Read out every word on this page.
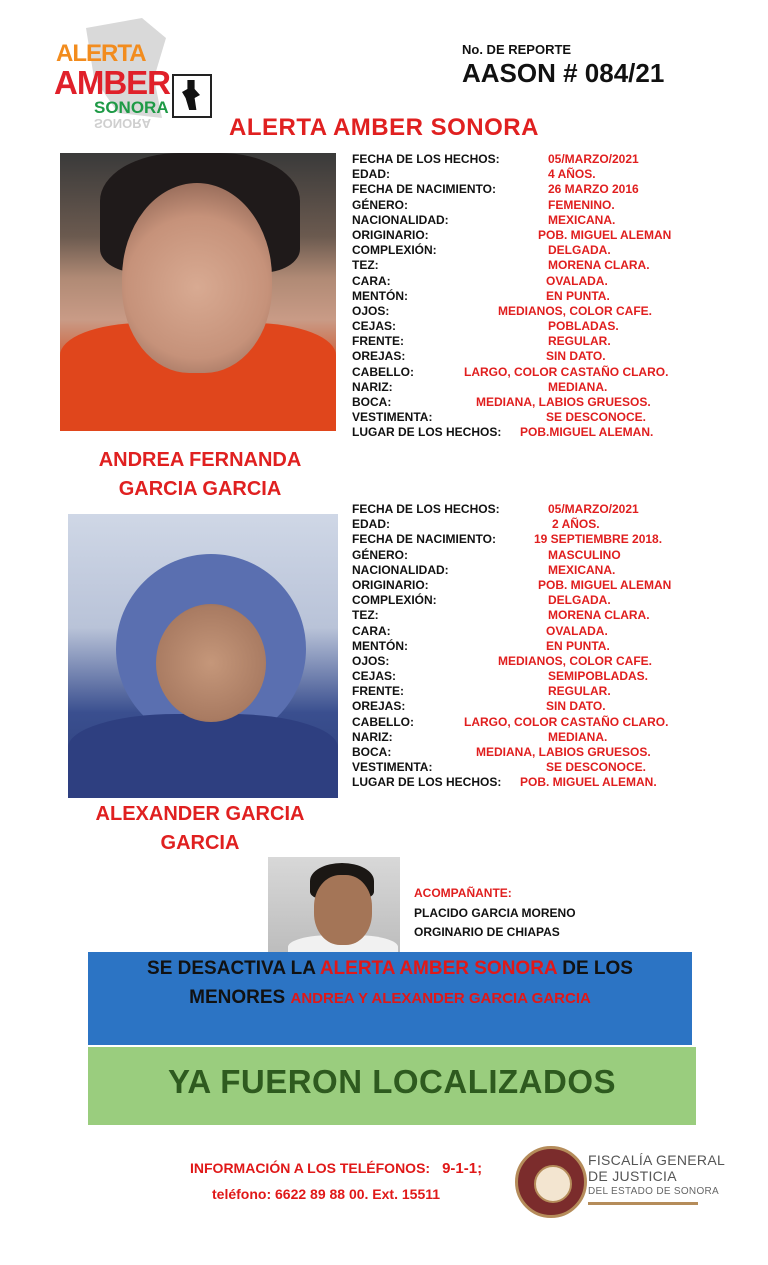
ALERTA
AMBER
SONORA
SONORA
No. DE REPORTE
AASON # 084/21
ALERTA AMBER SONORA
FECHA DE LOS HECHOS:	05/MARZO/2021
EDAD:	4 AÑOS.
FECHA DE NACIMIENTO:	26 MARZO 2016
GÉNERO:	FEMENINO.
NACIONALIDAD:	MEXICANA.
ORIGINARIO:	POB. MIGUEL ALEMAN
COMPLEXIÓN:	DELGADA.
TEZ:	MORENA CLARA.
CARA:	OVALADA.
MENTÓN:	EN PUNTA.
OJOS:	MEDIANOS, COLOR CAFE.
CEJAS:	POBLADAS.
FRENTE:	REGULAR.
OREJAS:	SIN DATO.
CABELLO:	LARGO, COLOR CASTAÑO CLARO.
NARIZ:	MEDIANA.
BOCA:	MEDIANA, LABIOS GRUESOS.
VESTIMENTA:	SE DESCONOCE.
LUGAR DE LOS HECHOS: POB.MIGUEL ALEMAN.
ANDREA FERNANDA
GARCIA GARCIA
FECHA DE LOS HECHOS:	05/MARZO/2021
EDAD:	2 AÑOS.
FECHA DE NACIMIENTO:	19 SEPTIEMBRE 2018.
GÉNERO:	MASCULINO
NACIONALIDAD:	MEXICANA.
ORIGINARIO:	POB. MIGUEL ALEMAN
COMPLEXIÓN:	DELGADA.
TEZ:	MORENA CLARA.
CARA:	OVALADA.
MENTÓN:	EN PUNTA.
OJOS:	MEDIANOS, COLOR CAFE.
CEJAS:	SEMIPOBLADAS.
FRENTE:	REGULAR.
OREJAS:	SIN DATO.
CABELLO:	LARGO, COLOR CASTAÑO CLARO.
NARIZ:	MEDIANA.
BOCA:	MEDIANA, LABIOS GRUESOS.
VESTIMENTA:	SE DESCONOCE.
LUGAR DE LOS HECHOS: POB. MIGUEL ALEMAN.
ALEXANDER GARCIA
GARCIA
ACOMPAÑANTE:
PLACIDO GARCIA MORENO
ORGINARIO DE CHIAPAS
SE DESACTIVA LA ALERTA AMBER SONORA DE LOS
MENORES ANDREA Y ALEXANDER GARCIA GARCIA
YA FUERON LOCALIZADOS
INFORMACIÓN A LOS TELÉFONOS: 9-1-1;
teléfono: 6622 89 88 00. Ext. 15511
FISCALÍA GENERAL
DE JUSTICIA
DEL ESTADO DE SONORA
